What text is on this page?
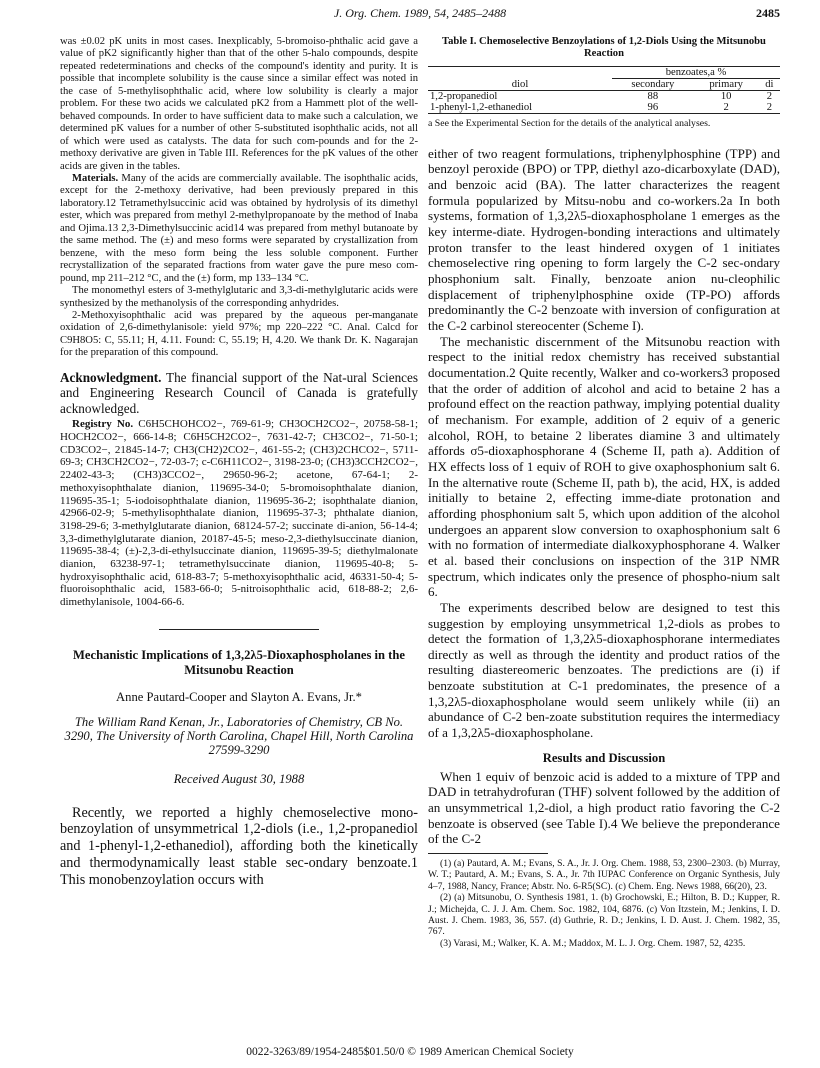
J. Org. Chem. 1989, 54, 2485–2488	2485

was ±0.02 pK units in most cases. Inexplicably, 5-bromoiso-phthalic acid gave a value of pK2 significantly higher than that of the other 5-halo compounds, despite repeated redeterminations and checks of the compound's identity and purity. It is possible that incomplete solubility is the cause since a similar effect was noted in the case of 5-methylisophthalic acid, where low solubility is clearly a major problem. For these two acids we calculated pK2 from a Hammett plot of the well-behaved compounds. In order to have sufficient data to make such a calculation, we determined pK values for a number of other 5-substituted isophthalic acids, not all of which were used as catalysts. The data for such com-pounds and for the 2-methoxy derivative are given in Table III. References for the pK values of the other acids are given in the tables.

Materials. Many of the acids are commercially available. The isophthalic acids, except for the 2-methoxy derivative, had been previously prepared in this laboratory.12 Tetramethylsuccinic acid was obtained by hydrolysis of its dimethyl ester, which was prepared from methyl 2-methylpropanoate by the method of Inaba and Ojima.13 2,3-Dimethylsuccinic acid14 was prepared from methyl butanoate by the same method. The (±) and meso forms were separated by crystallization from benzene, with the meso form being the less soluble component. Further recrystallization of the separated fractions from water gave the pure meso com-pound, mp 211–212 °C, and the (±) form, mp 133–134 °C.

The monomethyl esters of 3-methylglutaric and 3,3-di-methylglutaric acids were synthesized by the methanolysis of the corresponding anhydrides.

2-Methoxyisophthalic acid was prepared by the aqueous per-manganate oxidation of 2,6-dimethylanisole: yield 97%; mp 220–222 °C. Anal. Calcd for C9H8O5: C, 55.11; H, 4.11. Found: C, 55.19; H, 4.20. We thank Dr. K. Nagarajan for the preparation of this compound.

Acknowledgment. The financial support of the Nat-ural Sciences and Engineering Research Council of Canada is gratefully acknowledged.

Registry No. C6H5CHOHCO2−, 769-61-9; CH3OCH2CO2−, 20758-58-1; HOCH2CO2−, 666-14-8; C6H5CH2CO2−, 7631-42-7; CH3CO2−, 71-50-1; CD3CO2−, 21845-14-7; CH3(CH2)2CO2−, 461-55-2; (CH3)2CHCO2−, 5711-69-3; CH3CH2CO2−, 72-03-7; c-C6H11CO2−, 3198-23-0; (CH3)3CCH2CO2−, 22402-43-3; (CH3)3CCO2−, 29650-96-2; acetone, 67-64-1; 2-methoxyisophthalate dianion, 119695-34-0; 5-bromoisophthalate dianion, 119695-35-1; 5-iodoisophthalate dianion, 119695-36-2; isophthalate dianion, 42966-02-9; 5-methylisophthalate dianion, 119695-37-3; phthalate dianion, 3198-29-6; 3-methylglutarate dianion, 68124-57-2; succinate di-anion, 56-14-4; 3,3-dimethylglutarate dianion, 20187-45-5; meso-2,3-diethylsuccinate dianion, 119695-38-4; (±)-2,3-di-ethylsuccinate dianion, 119695-39-5; diethylmalonate dianion, 63238-97-1; tetramethylsuccinate dianion, 119695-40-8; 5-hydroxyisophthalic acid, 618-83-7; 5-methoxyisophthalic acid, 46331-50-4; 5-fluoroisophthalic acid, 1583-66-0; 5-nitroisophthalic acid, 618-88-2; 2,6-dimethylanisole, 1004-66-6.

Mechanistic Implications of 1,3,2λ5-Dioxaphospholanes in the Mitsunobu Reaction
Anne Pautard-Cooper and Slayton A. Evans, Jr.*
The William Rand Kenan, Jr., Laboratories of Chemistry, CB No. 3290, The University of North Carolina, Chapel Hill, North Carolina 27599-3290
Received August 30, 1988

Recently, we reported a highly chemoselective mono-benzoylation of unsymmetrical 1,2-diols (i.e., 1,2-propanediol and 1-phenyl-1,2-ethanediol), affording both the kinetically and thermodynamically least stable sec-ondary benzoate.1 This monobenzoylation occurs with

Table I. Chemoselective Benzoylations of 1,2-Diols Using the Mitsunobu Reaction
	benzoates,a %		
diol	secondary	primary	di
1,2-propanediol	88	10	2
1-phenyl-1,2-ethanediol	96	2	2
a See the Experimental Section for the details of the analytical analyses.

either of two reagent formulations, triphenylphosphine (TPP) and benzoyl peroxide (BPO) or TPP, diethyl azo-dicarboxylate (DAD), and benzoic acid (BA). The latter characterizes the reagent formula popularized by Mitsu-nobu and co-workers.2a In both systems, formation of 1,3,2λ5-dioxaphospholane 1 emerges as the key interme-diate. Hydrogen-bonding interactions and ultimately proton transfer to the least hindered oxygen of 1 initiates chemoselective ring opening to form largely the C-2 sec-ondary phosphonium salt. Finally, benzoate anion nu-cleophilic displacement of triphenylphosphine oxide (TP-PO) affords predominantly the C-2 benzoate with inversion of configuration at the C-2 carbinol stereocenter (Scheme I).

The mechanistic discernment of the Mitsunobu reaction with respect to the initial redox chemistry has received substantial documentation.2 Quite recently, Walker and co-workers3 proposed that the order of addition of alcohol and acid to betaine 2 has a profound effect on the reaction pathway, implying potential duality of mechanism. For example, addition of 2 equiv of a generic alcohol, ROH, to betaine 2 liberates diamine 3 and ultimately affords σ5-dioxaphosphorane 4 (Scheme II, path a). Addition of HX effects loss of 1 equiv of ROH to give oxaphosphonium salt 6. In the alternative route (Scheme II, path b), the acid, HX, is added initially to betaine 2, effecting imme-diate protonation and affording phosphonium salt 5, which upon addition of the alcohol undergoes an apparent slow conversion to oxaphosphonium salt 6 with no formation of intermediate dialkoxyphosphorane 4. Walker et al. based their conclusions on inspection of the 31P NMR spectrum, which indicates only the presence of phospho-nium salt 6.

The experiments described below are designed to test this suggestion by employing unsymmetrical 1,2-diols as probes to detect the formation of 1,3,2λ5-dioxaphosphorane intermediates directly as well as through the identity and product ratios of the resulting diastereomeric benzoates. The predictions are (i) if benzoate substitution at C-1 predominates, the presence of a 1,3,2λ5-dioxaphospholane would seem unlikely while (ii) an abundance of C-2 ben-zoate substitution requires the intermediacy of a 1,3,2λ5-dioxaphospholane.

Results and Discussion

When 1 equiv of benzoic acid is added to a mixture of TPP and DAD in tetrahydrofuran (THF) solvent followed by the addition of an unsymmetrical 1,2-diol, a high product ratio favoring the C-2 benzoate is observed (see Table I).4 We believe the preponderance of the C-2

(1) (a) Pautard, A. M.; Evans, S. A., Jr. J. Org. Chem. 1988, 53, 2300–2303. (b) Murray, W. T.; Pautard, A. M.; Evans, S. A., Jr. 7th IUPAC Conference on Organic Synthesis, July 4–7, 1988, Nancy, France; Abstr. No. 6-R5(SC). (c) Chem. Eng. News 1988, 66(20), 23.

(2) (a) Mitsunobu, O. Synthesis 1981, 1. (b) Grochowski, E.; Hilton, B. D.; Kupper, R. J.; Michejda, C. J. J. Am. Chem. Soc. 1982, 104, 6876. (c) Von Itzstein, M.; Jenkins, I. D. Aust. J. Chem. 1983, 36, 557. (d) Guthrie, R. D.; Jenkins, I. D. Aust. J. Chem. 1982, 35, 767.

(3) Varasi, M.; Walker, K. A. M.; Maddox, M. L. J. Org. Chem. 1987, 52, 4235.

0022-3263/89/1954-2485$01.50/0 © 1989 American Chemical Society
